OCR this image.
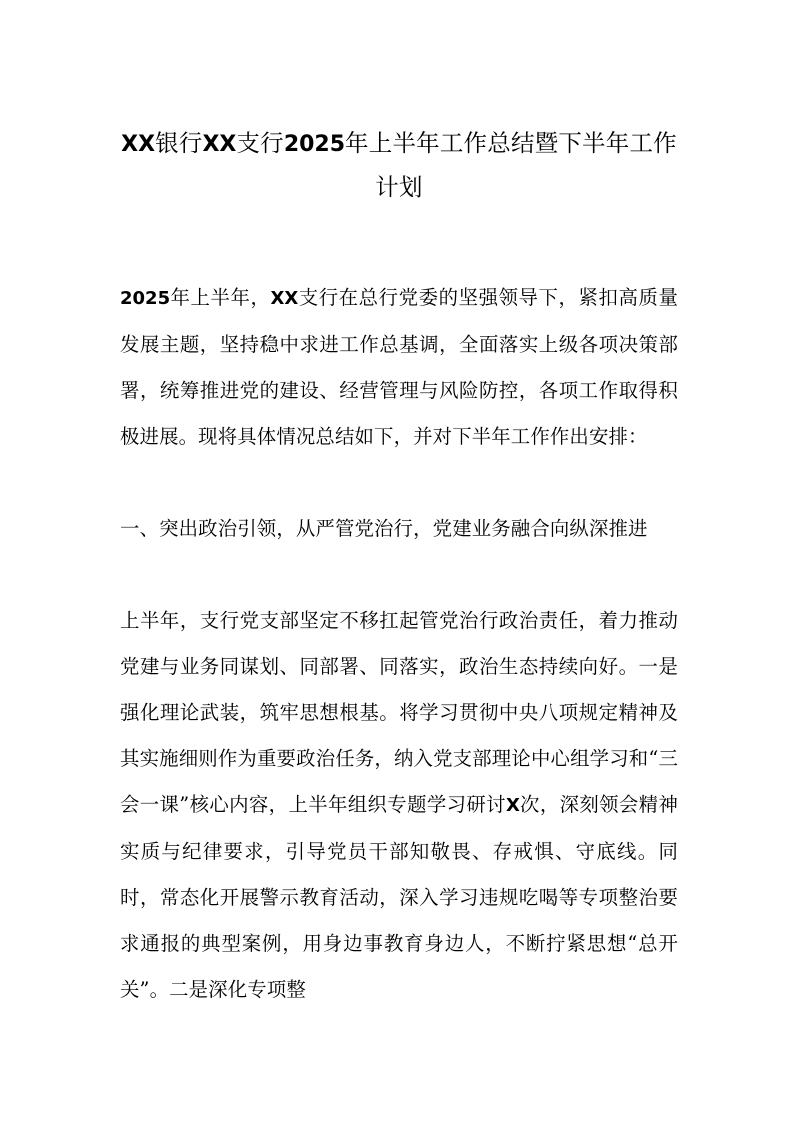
XX银行XX支行2025年上半年工作总结暨下半年工作计划

2025年上半年，XX支行在总行党委的坚强领导下，紧扣高质量发展主题，坚持稳中求进工作总基调，全面落实上级各项决策部署，统筹推进党的建设、经营管理与风险防控，各项工作取得积极进展。现将具体情况总结如下，并对下半年工作作出安排：

一、突出政治引领，从严管党治行，党建业务融合向纵深推进

上半年，支行党支部坚定不移扛起管党治行政治责任，着力推动党建与业务同谋划、同部署、同落实，政治生态持续向好。一是强化理论武装，筑牢思想根基。将学习贯彻中央八项规定精神及其实施细则作为重要政治任务，纳入党支部理论中心组学习和“三会一课”核心内容，上半年组织专题学习研讨X次，深刻领会精神实质与纪律要求，引导党员干部知敬畏、存戒惧、守底线。同时，常态化开展警示教育活动，深入学习违规吃喝等专项整治要求通报的典型案例，用身边事教育身边人，不断拧紧思想“总开关”。二是深化专项整
